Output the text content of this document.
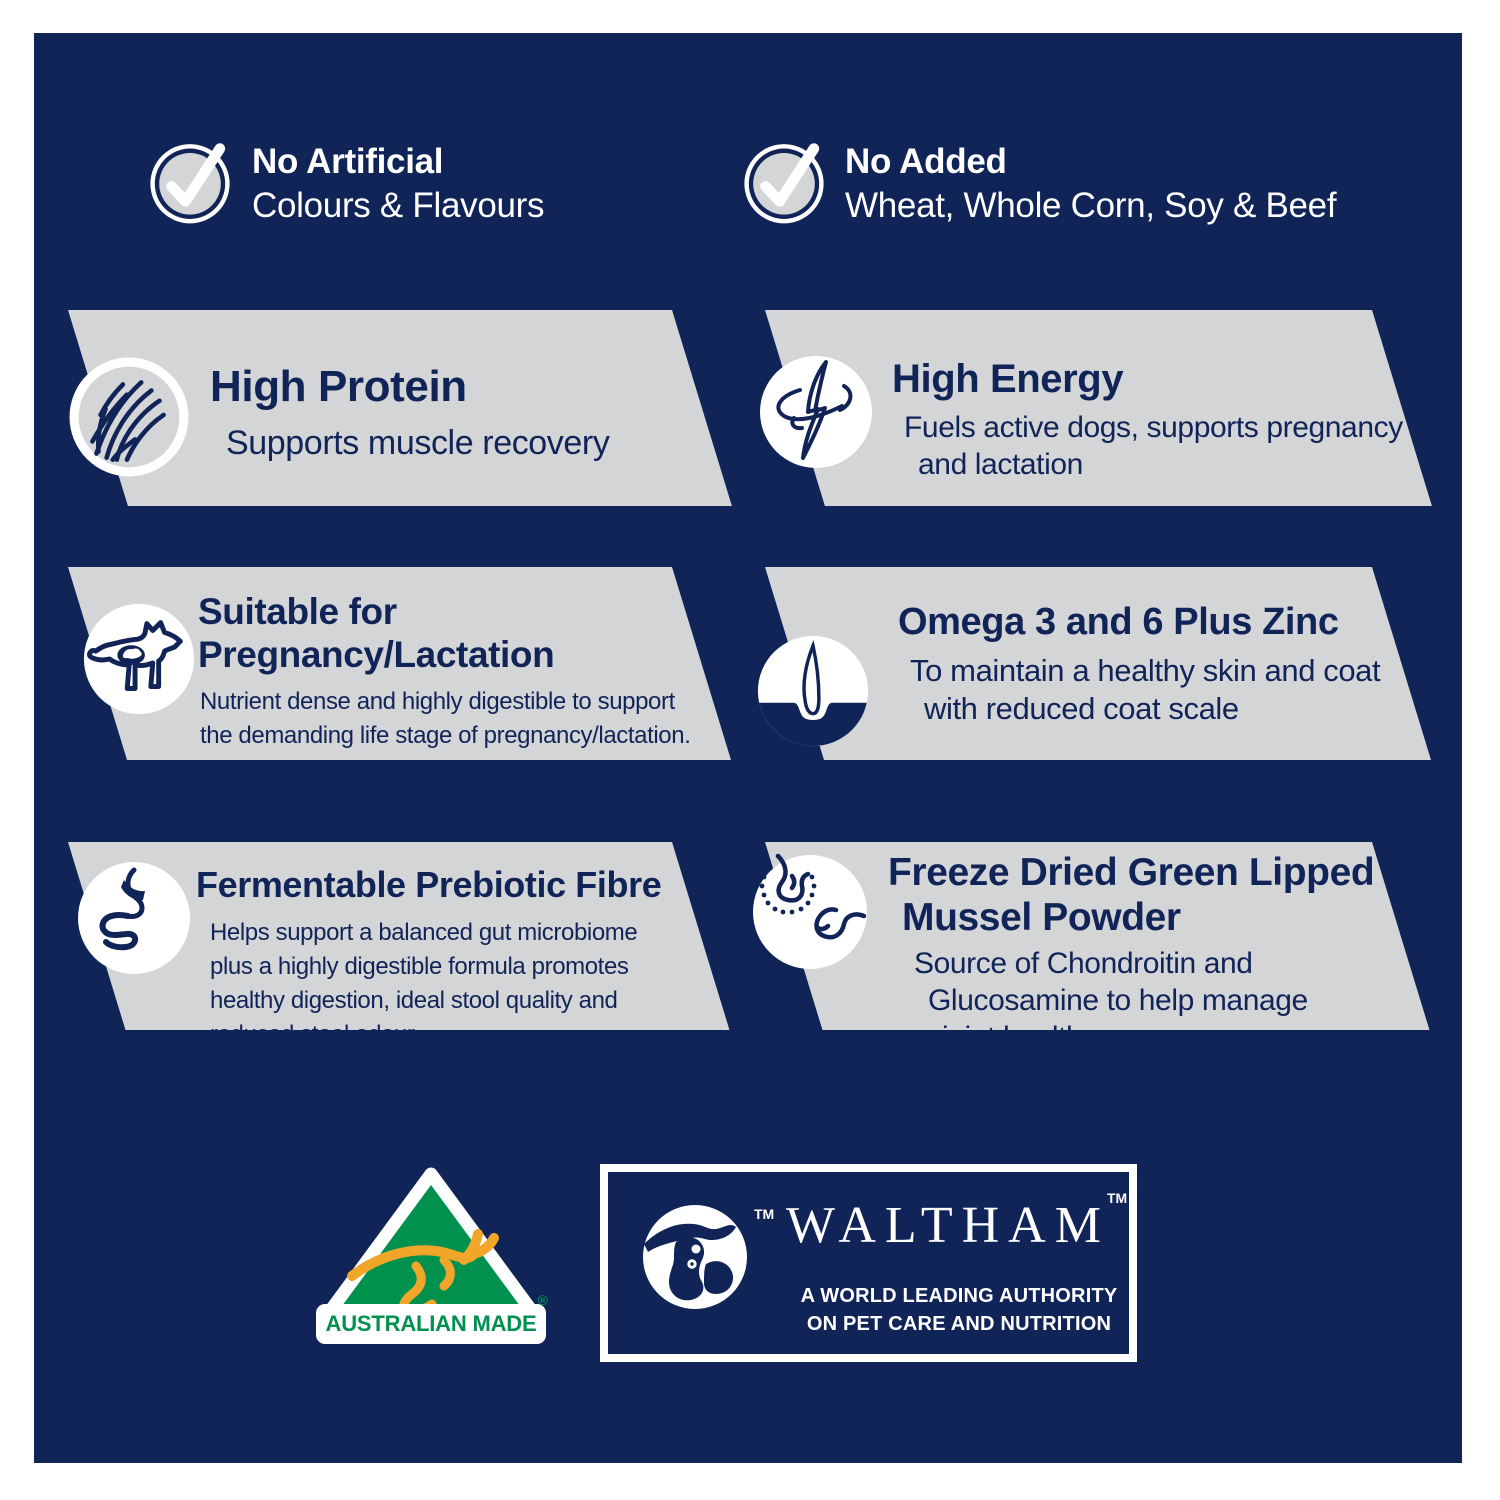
No Artificial
Colours & Flavours
No Added
Wheat, Whole Corn, Soy & Beef
High Protein
Supports muscle recovery
High Energy
Fuels active dogs, supports pregnancy
and lactation
Suitable for
Pregnancy/Lactation
Nutrient dense and highly digestible to support
the demanding life stage of pregnancy/lactation.
Omega 3 and 6 Plus Zinc
To maintain a healthy skin and coat
with reduced coat scale
Fermentable Prebiotic Fibre
Helps support a balanced gut microbiome
plus a highly digestible formula promotes
healthy digestion, ideal stool quality and
reduced stool odour.
Freeze Dried Green Lipped
Mussel Powder
Source of Chondroitin and
Glucosamine to help manage
joint health
AUSTRALIAN MADE
®
TM WALTHAM
TM
A WORLD LEADING AUTHORITY
ON PET CARE AND NUTRITION
